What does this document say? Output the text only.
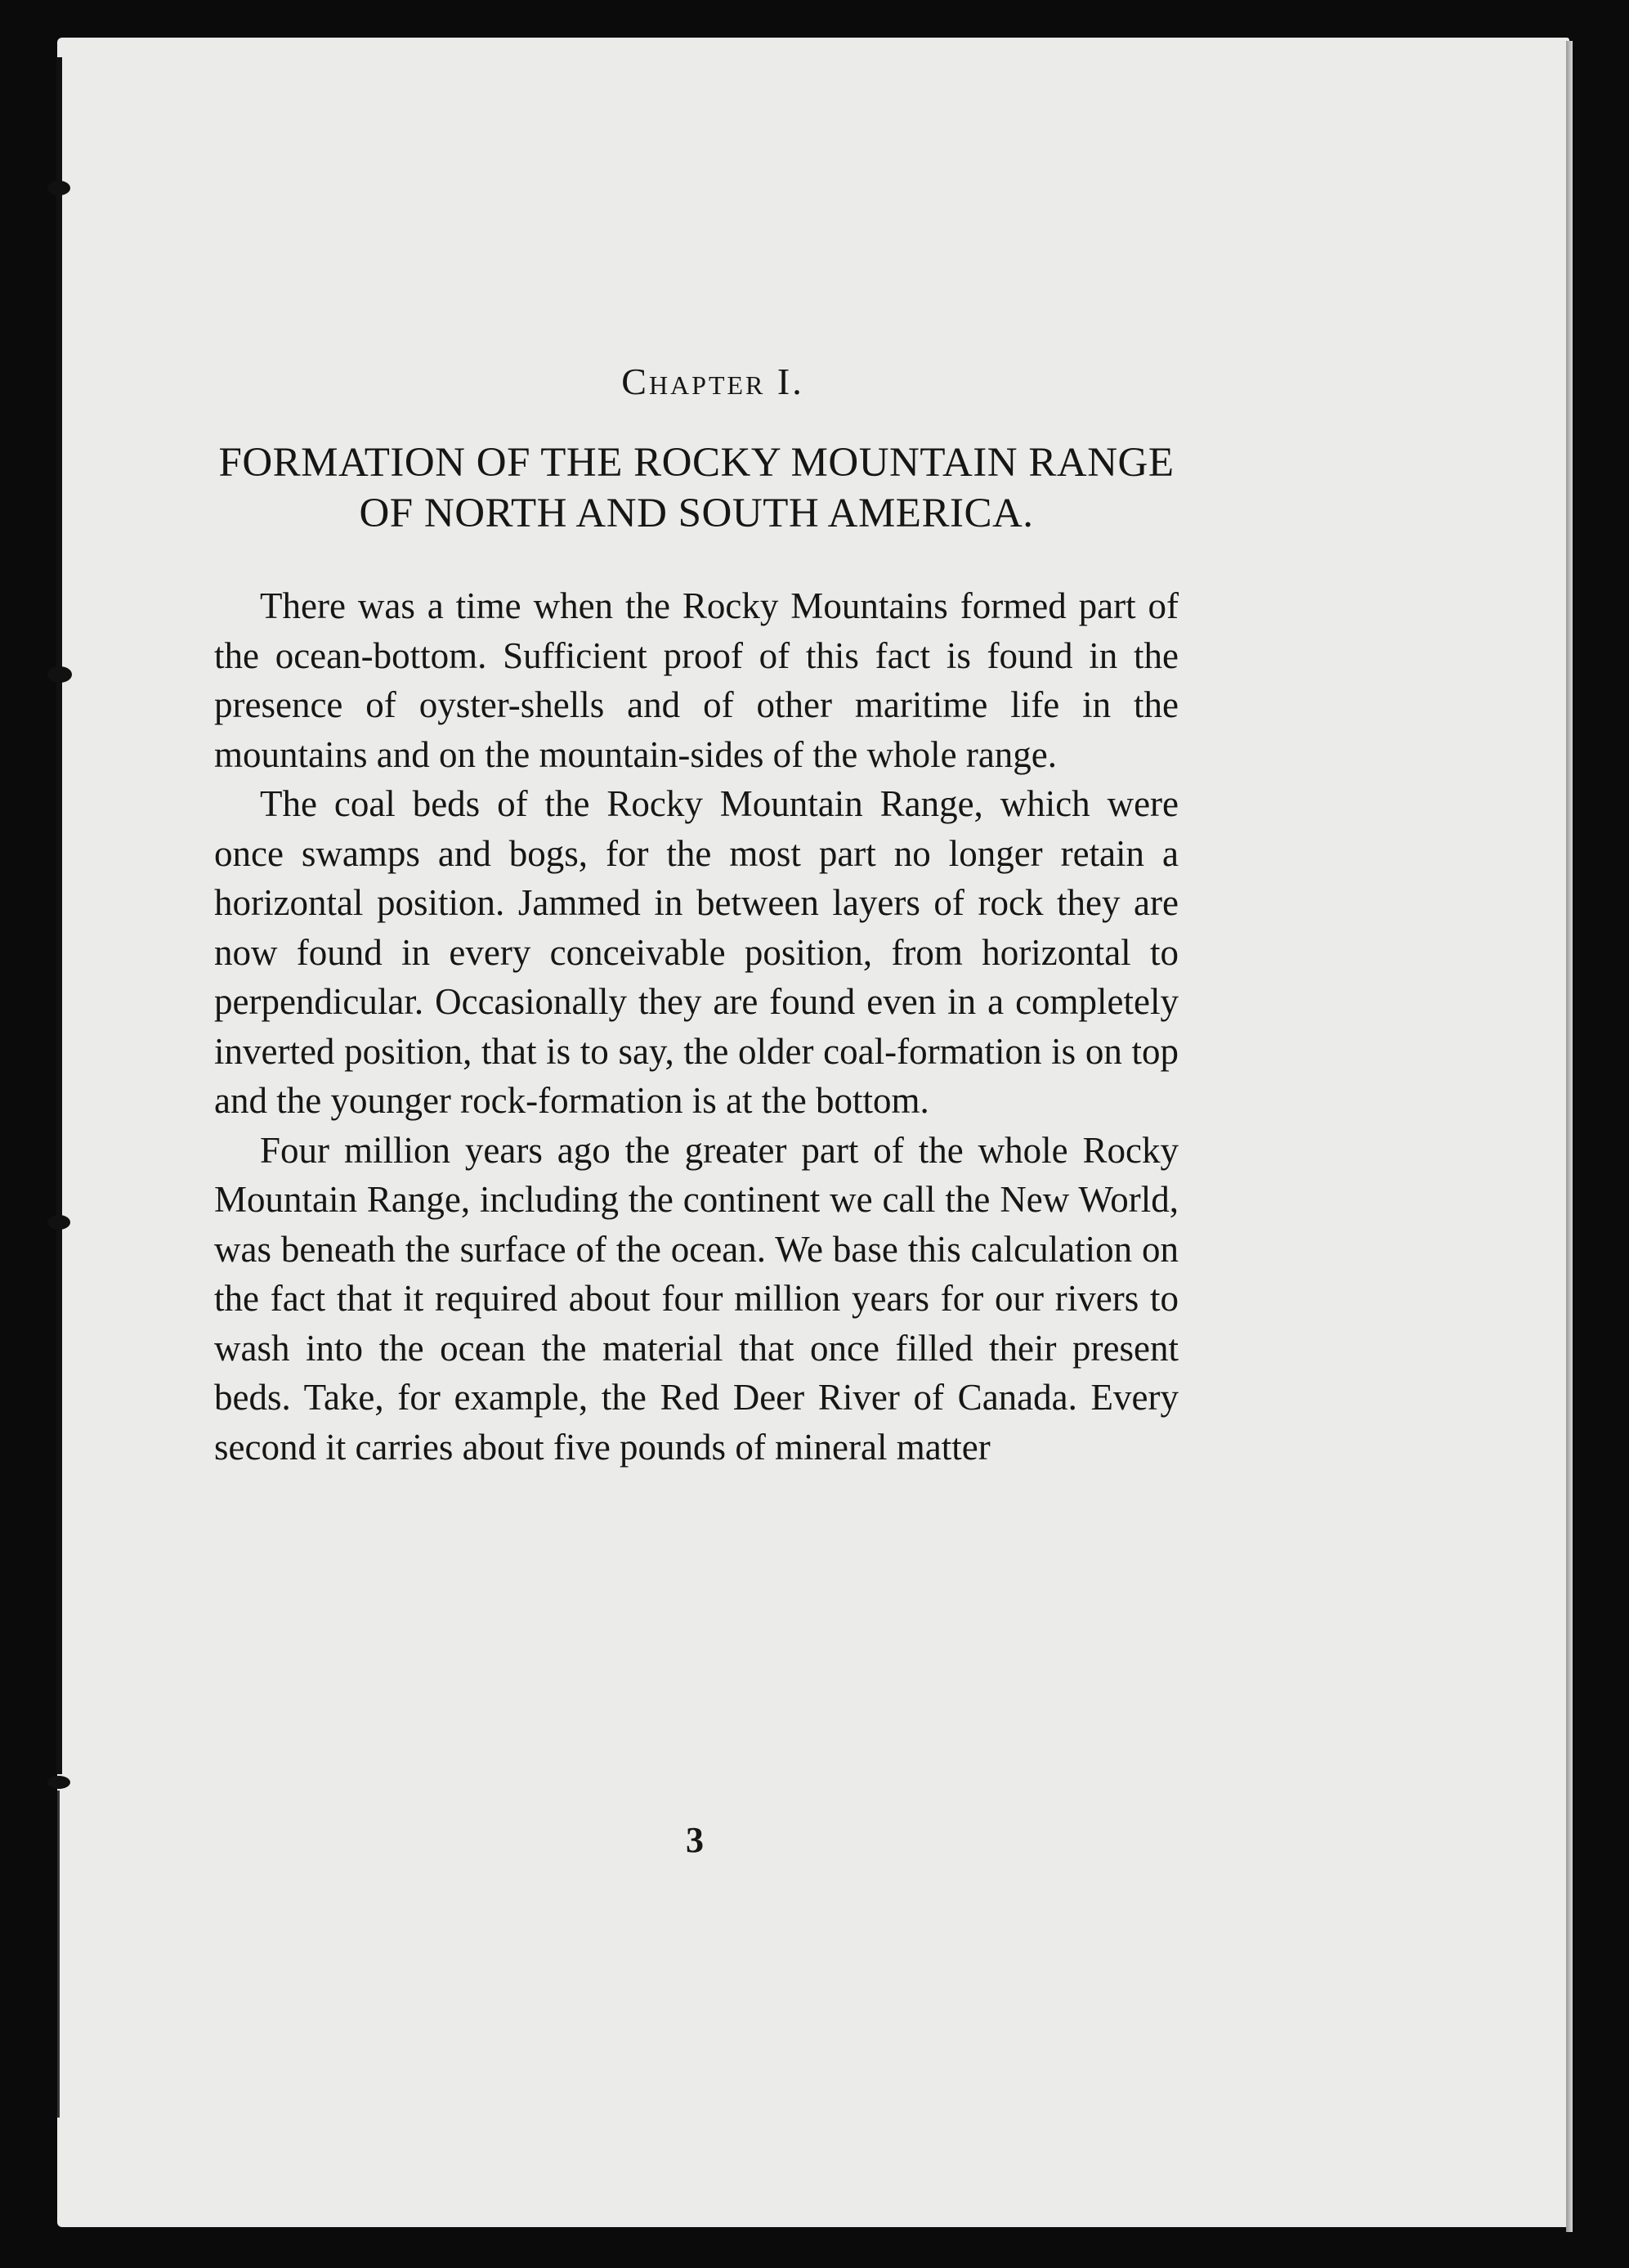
Chapter I.
FORMATION OF THE ROCKY MOUNTAIN RANGE OF NORTH AND SOUTH AMERICA.

There was a time when the Rocky Mountains formed part of the ocean-bottom. Sufficient proof of this fact is found in the presence of oyster-shells and of other maritime life in the mountains and on the mountain-sides of the whole range.

The coal beds of the Rocky Mountain Range, which were once swamps and bogs, for the most part no longer retain a horizontal position. Jammed in between layers of rock they are now found in every conceivable position, from horizontal to perpendicular. Occasionally they are found even in a completely inverted position, that is to say, the older coal-formation is on top and the younger rock-formation is at the bottom.

Four million years ago the greater part of the whole Rocky Mountain Range, including the continent we call the New World, was beneath the surface of the ocean. We base this calculation on the fact that it required about four million years for our rivers to wash into the ocean the material that once filled their present beds. Take, for example, the Red Deer River of Canada. Every second it carries about five pounds of mineral matter

3
